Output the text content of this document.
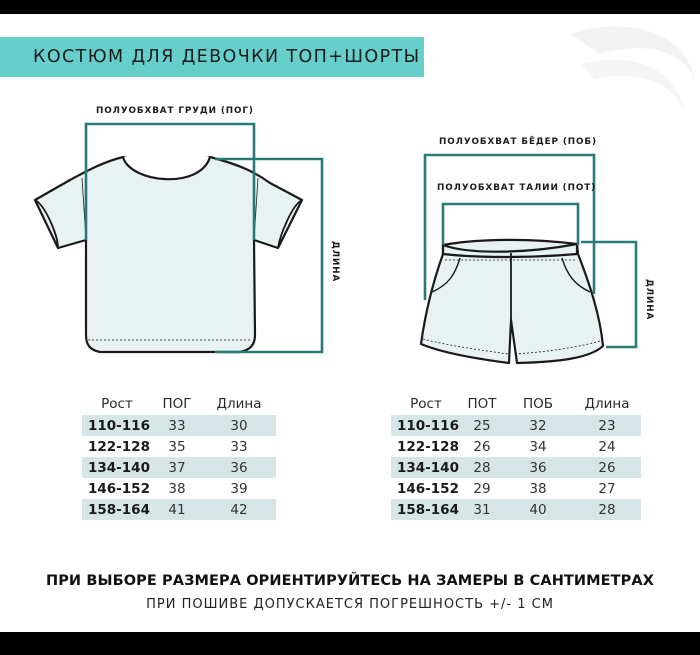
КОСТЮМ ДЛЯ ДЕВОЧКИ ТОП+ШОРТЫ
ПОЛУОБХВАТ ГРУДИ (ПОГ)
ДЛИНА
ПОЛУОБХВАТ БЁДЕР (ПОБ)
ПОЛУОБХВАТ ТАЛИИ (ПОТ)
ДЛИНА
Рост	ПОГ	Длина
110-116	33	30
122-128	35	33
134-140	37	36
146-152	38	39
158-164	41	42
Рост	ПОТ	ПОБ	Длина
110-116	25	32	23
122-128	26	34	24
134-140	28	36	26
146-152	29	38	27
158-164	31	40	28
ПРИ ВЫБОРЕ РАЗМЕРА ОРИЕНТИРУЙТЕСЬ НА ЗАМЕРЫ В САНТИМЕТРАХ
ПРИ ПОШИВЕ ДОПУСКАЕТСЯ ПОГРЕШНОСТЬ +/- 1 СМ
